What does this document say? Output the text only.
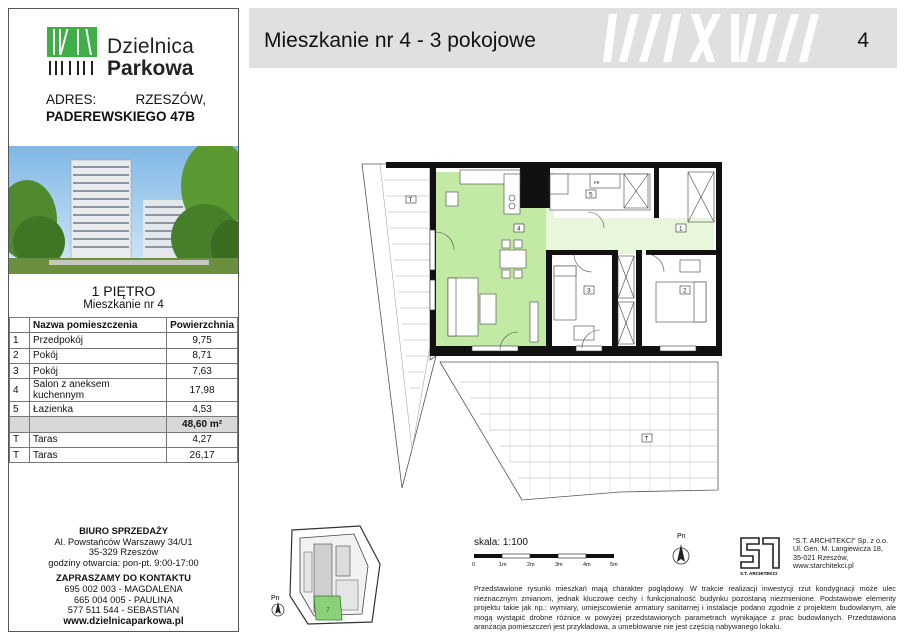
Dzielnica
Parkowa
ADRES:	RZESZÓW,
PADEREWSKIEGO 47B
1 PIĘTRO
Mieszkanie nr 4
	Nazwa pomieszczenia	Powierzchnia
1	Przedpokój	9,75
2	Pokój	8,71
3	Pokój	7,63
4	Salon z aneksem kuchennym	17,98
5	Łazienka	4,53
		48,60 m²
T	Taras	4,27
T	Taras	26,17
BIURO SPRZEDAŻY
Al. Powstańców Warszawy 34/U1
35-329 Rzeszów
godziny otwarcia: pon-pt. 9:00-17:00
ZAPRASZAMY DO KONTAKTU
695 002 003 - MAGDALENA
665 004 005 - PAULINA
577 511 544 - SEBASTIAN
www.dzielnicaparkowa.pl
7
Pn
Mieszkanie nr 4 - 3 pokojowe	4
T
T
PR
1
2
3
4
5
skala: 1:100
0	1m	2m	3m	4m	5m
Pn
S.T. ARCHITEKCI
"S.T. ARCHITEKCI" Sp. z o.o.
Ul. Gen. M. Langiewicza 18,
35-021 Rzeszów,
www.starchitekci.pl
Przedstawione rysunki mieszkań mają charakter poglądowy. W trakcie realizacji inwestycji rzut kondygnacji może ulec nieznacznym zmianom, jednak kluczowe cechy i funkcjonalność budynku pozostaną niezmienione. Podstawowe elementy projektu takie jak np.: wymiary, umiejscowienie armatury sanitarnej i instalacje podano zgodnie z projektem budowlanym, ale mogą wystąpić drobne różnice w powyżej przedstawionych parametrach wynikające z prac budowlanych. Przedstawiona aranżacja pomieszczeń jest przykładowa, a umeblowanie nie jest częścią nabywanego lokalu.
